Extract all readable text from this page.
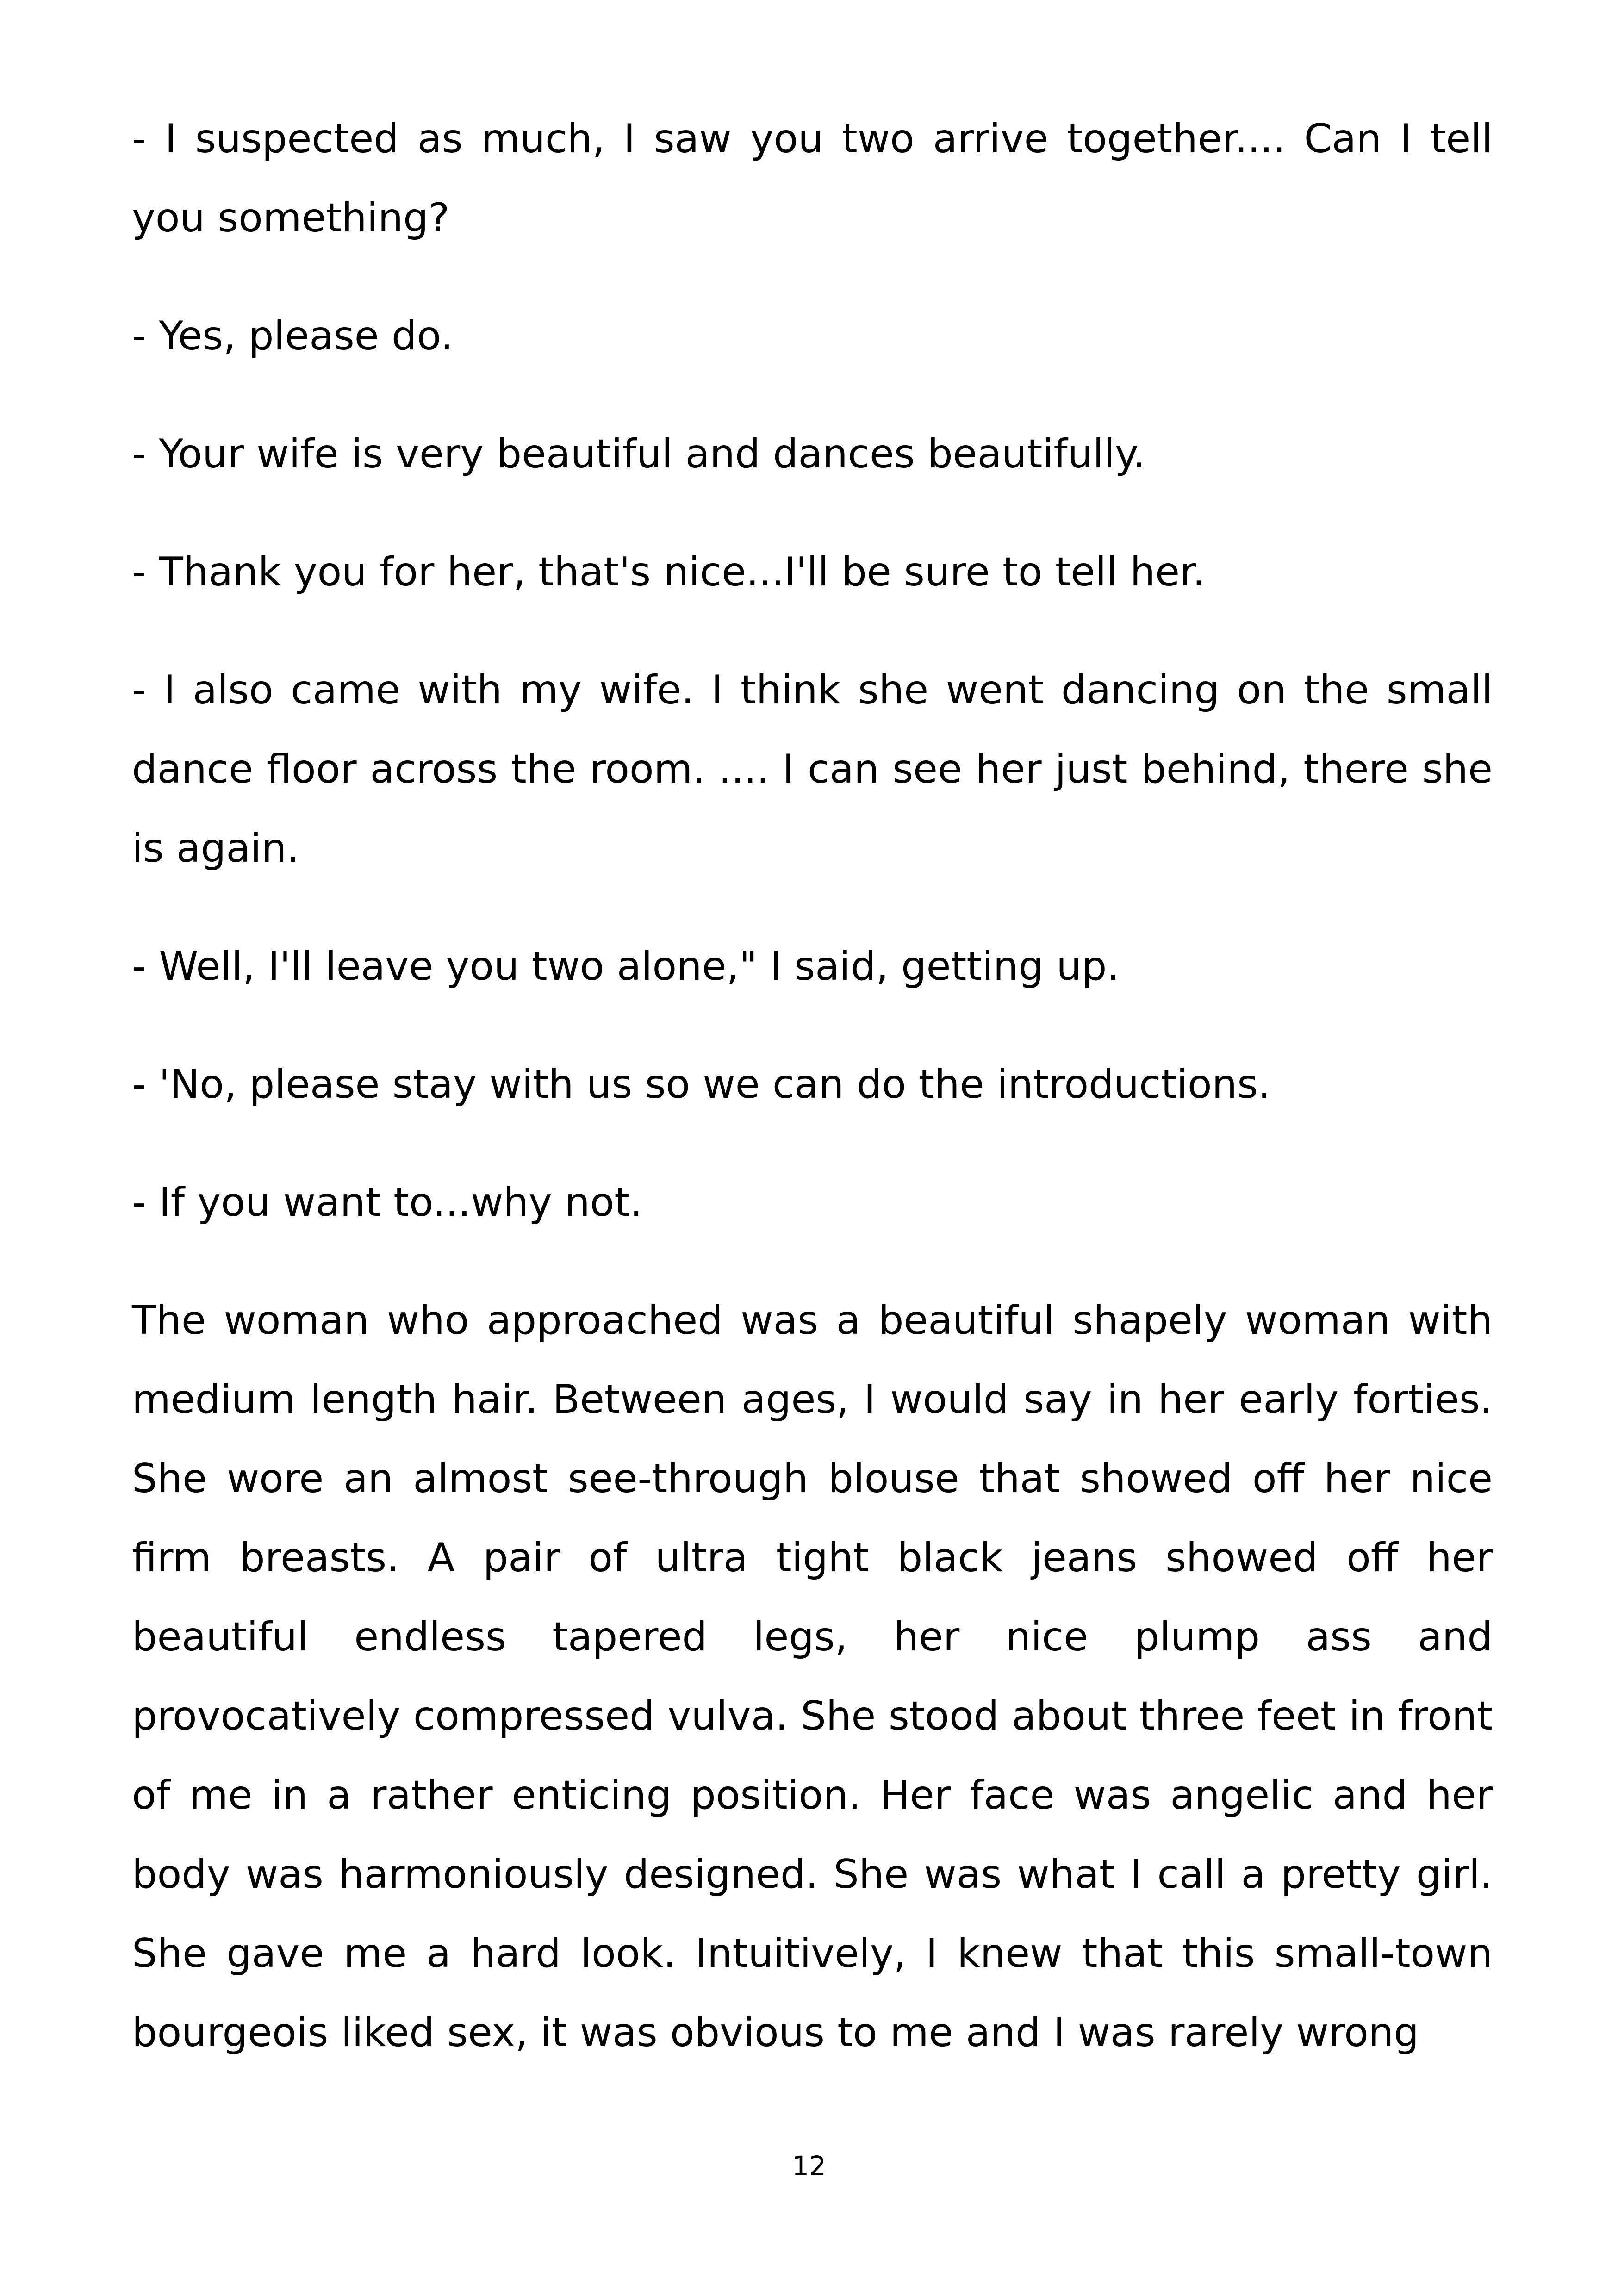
- I suspected as much, I saw you two arrive together.... Can I tell you something?

- Yes, please do.

- Your wife is very beautiful and dances beautifully.

- Thank you for her, that's nice...I'll be sure to tell her.

- I also came with my wife. I think she went dancing on the small dance floor across the room. .... I can see her just behind, there she is again.

- Well, I'll leave you two alone," I said, getting up.

- 'No, please stay with us so we can do the introductions.

- If you want to...why not.

The woman who approached was a beautiful shapely woman with medium length hair. Between ages, I would say in her early forties. She wore an almost see-through blouse that showed off her nice firm breasts. A pair of ultra tight black jeans showed off her beautiful endless tapered legs, her nice plump ass and provocatively compressed vulva. She stood about three feet in front of me in a rather enticing position. Her face was angelic and her body was harmoniously designed. She was what I call a pretty girl. She gave me a hard look. Intuitively, I knew that this small-town bourgeois liked sex, it was obvious to me and I was rarely wrong

12
